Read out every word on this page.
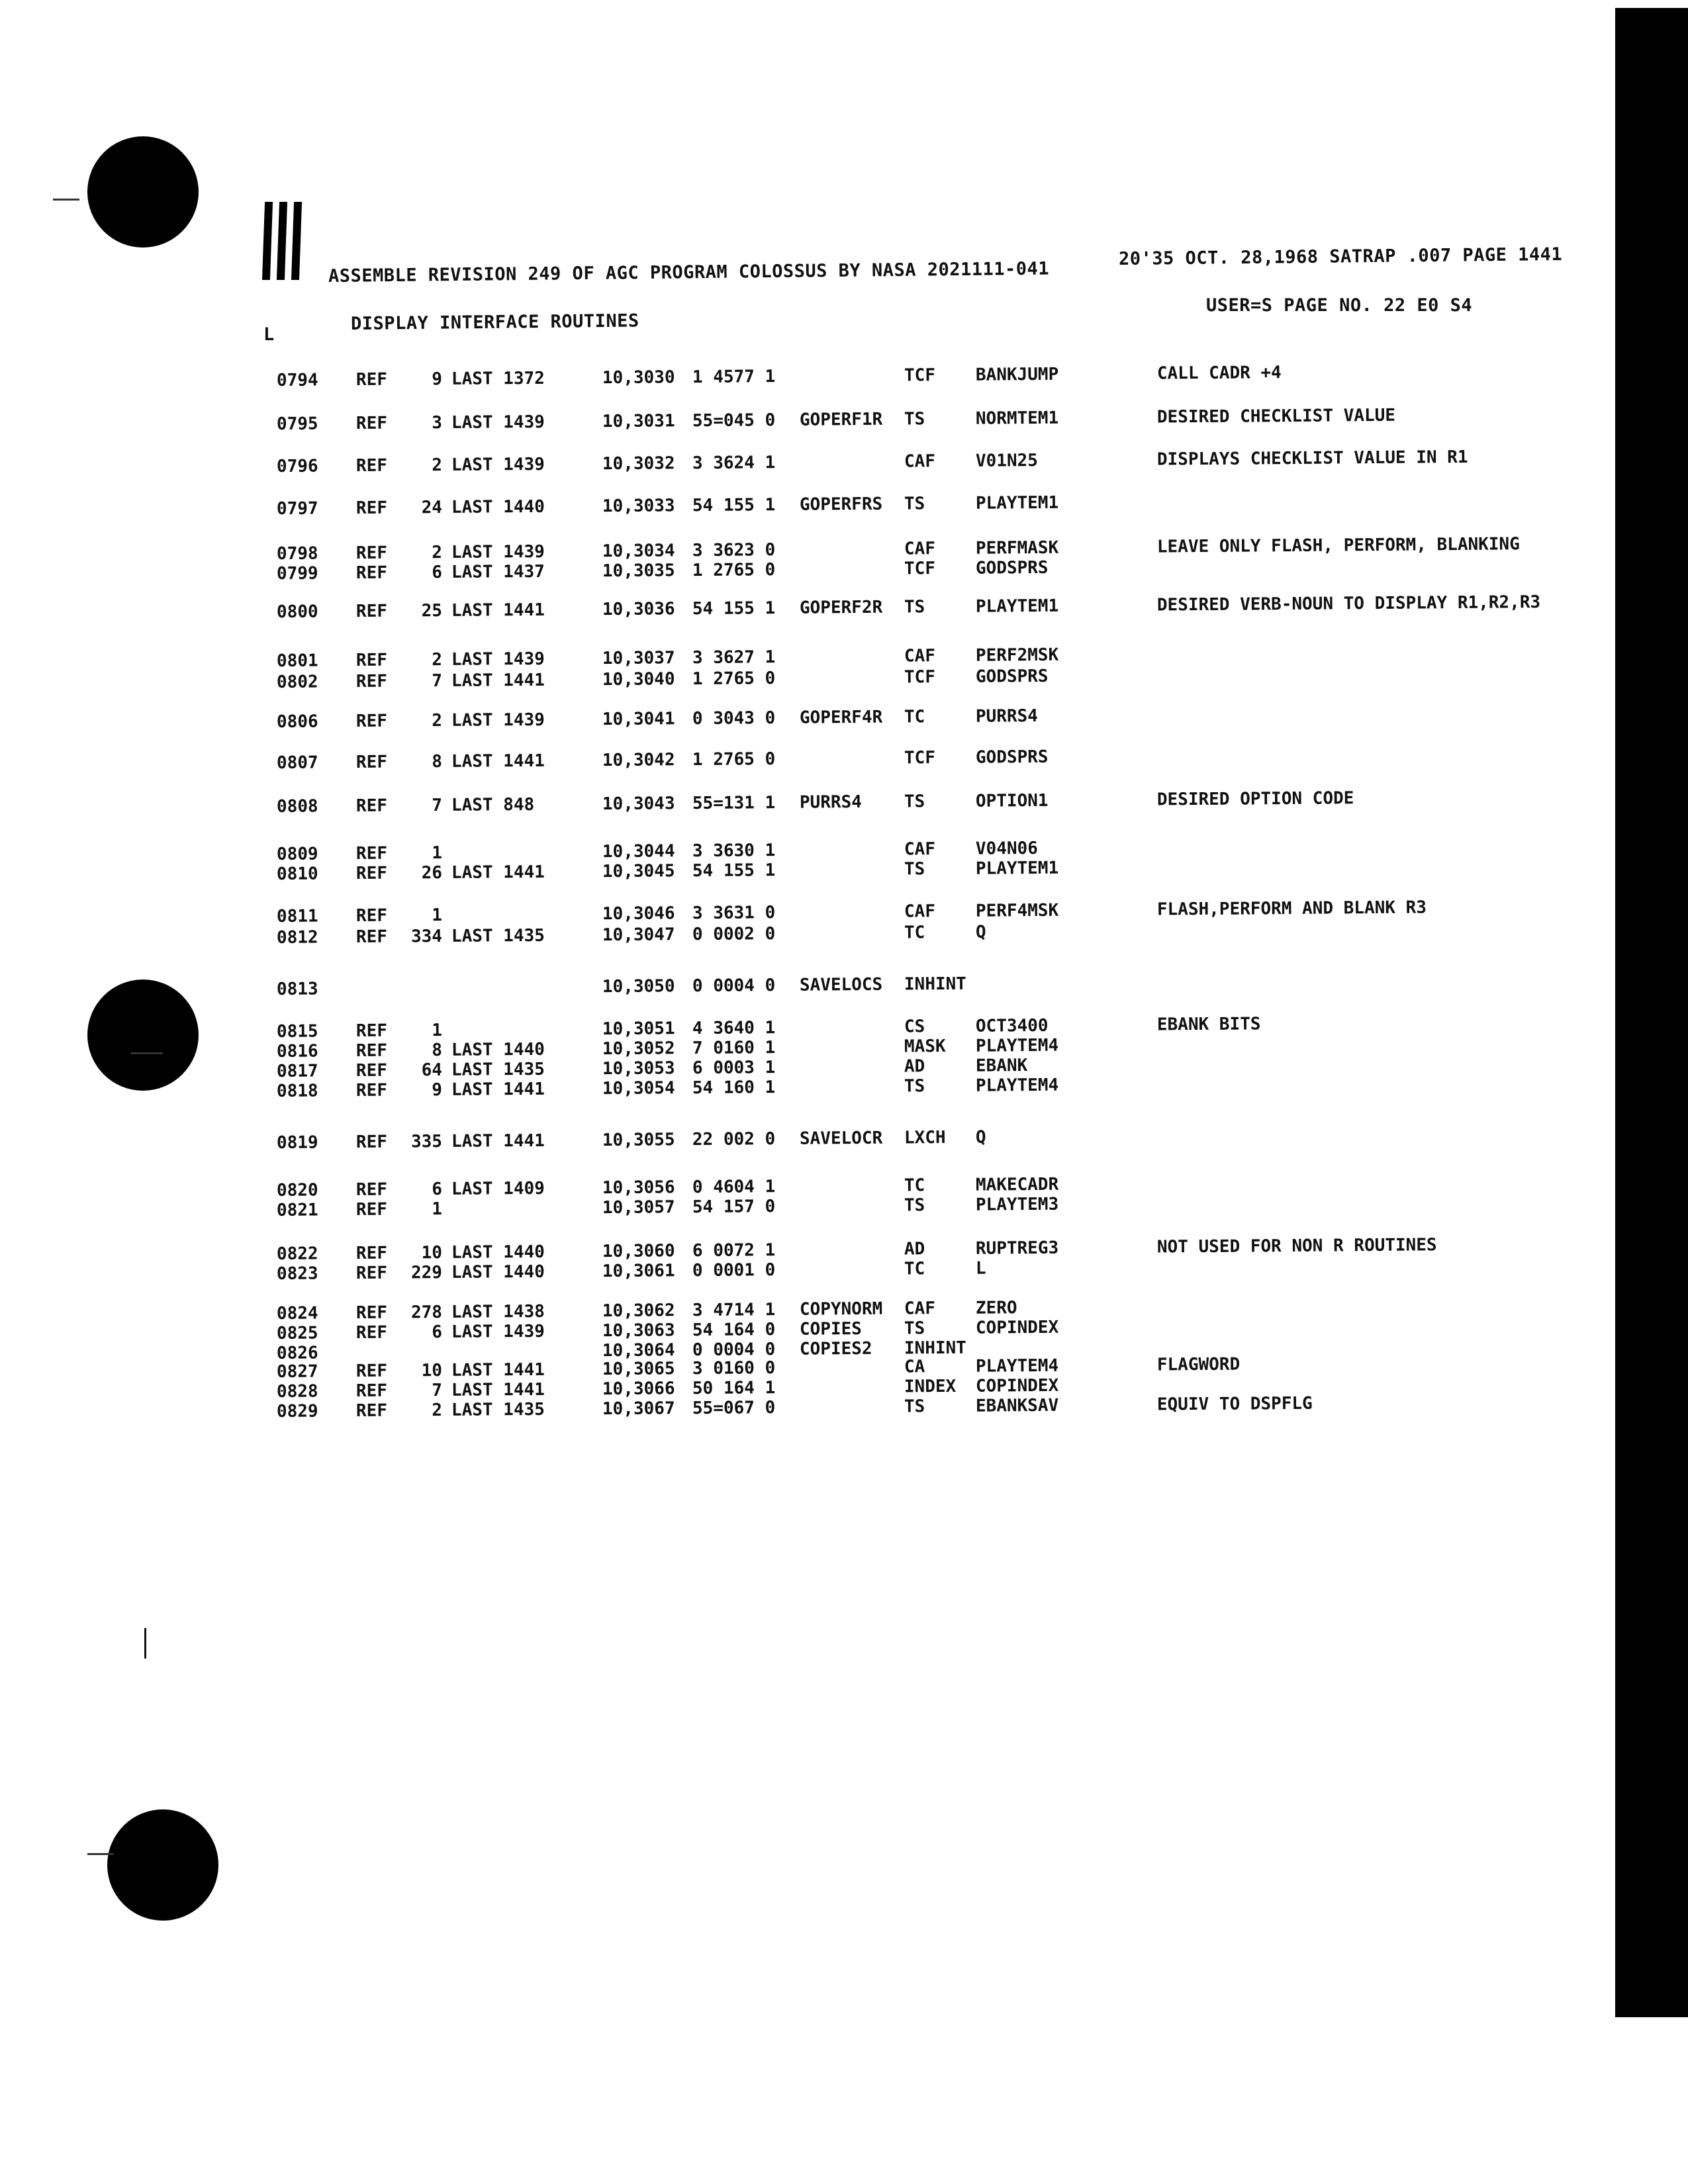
ASSEMBLE REVISION 249 OF AGC PROGRAM COLOSSUS BY NASA 2021111-041
20'35 OCT. 28,1968 SATRAP .007 PAGE 1441
USER=S PAGE NO. 22 E0 S4
L
DISPLAY INTERFACE ROUTINES
0794 REF	9 LAST 1372	10,3030 1 4577 1	TCF BANKJUMP	CALL CADR +4
0795 REF	3 LAST 1439	10,3031 55=045 0 GOPERF1R TS	NORMTEM1	DESIRED CHECKLIST VALUE
0796 REF	2 LAST 1439	10,3032 3 3624 1	CAF V01N25	DISPLAYS CHECKLIST VALUE IN R1
0797 REF	24 LAST 1440	10,3033 54 155 1 GOPERFRS TS	PLAYTEM1
0798 REF	2 LAST 1439	10,3034 3 3623 0	CAF PERFMASK	LEAVE ONLY FLASH, PERFORM, BLANKING
0799 REF	6 LAST 1437	10,3035 1 2765 0	TCF GODSPRS
0800 REF	25 LAST 1441	10,3036 54 155 1 GOPERF2R TS	PLAYTEM1	DESIRED VERB-NOUN TO DISPLAY R1,R2,R3
0801 REF	2 LAST 1439	10,3037 3 3627 1	CAF PERF2MSK
0802 REF	7 LAST 1441	10,3040 1 2765 0	TCF GODSPRS
0806 REF	2 LAST 1439	10,3041 0 3043 0 GOPERF4R TC	PURRS4
0807 REF	8 LAST 1441	10,3042 1 2765 0	TCF GODSPRS
0808 REF	7 LAST 848	10,3043 55=131 1 PURRS4 TS	OPTION1	DESIRED OPTION CODE
0809 REF	1	10,3044 3 3630 1	CAF V04N06
0810 REF	26 LAST 1441	10,3045 54 155 1	TS	PLAYTEM1
0811 REF	1	10,3046 3 3631 0	CAF PERF4MSK	FLASH,PERFORM AND BLANK R3
0812 REF	334 LAST 1435	10,3047 0 0002 0	TC	Q
0813	10,3050 0 0004 0 SAVELOCS INHINT
0815 REF	1	10,3051 4 3640 1	CS	OCT3400	EBANK BITS
0816 REF	8 LAST 1440	10,3052 7 0160 1	MASK PLAYTEM4
0817 REF	64 LAST 1435	10,3053 6 0003 1	AD	EBANK
0818 REF	9 LAST 1441	10,3054 54 160 1	TS	PLAYTEM4
0819 REF	335 LAST 1441	10,3055 22 002 0 SAVELOCR LXCH Q
0820 REF	6 LAST 1409	10,3056 0 4604 1	TC	MAKECADR
0821 REF	1	10,3057 54 157 0	TS	PLAYTEM3
0822 REF	10 LAST 1440	10,3060 6 0072 1	AD	RUPTREG3	NOT USED FOR NON R ROUTINES
0823 REF	229 LAST 1440	10,3061 0 0001 0	TC	L
0824 REF	278 LAST 1438	10,3062 3 4714 1 COPYNORM CAF ZERO
0825 REF	6 LAST 1439	10,3063 54 164 0 COPIES TS	COPINDEX
0826	10,3064 0 0004 0 COPIES2 INHINT
0827 REF	10 LAST 1441	10,3065 3 0160 0	CA	PLAYTEM4	FLAGWORD
0828 REF	7 LAST 1441	10,3066 50 164 1	INDEX COPINDEX
0829 REF	2 LAST 1435	10,3067 55=067 0	TS	EBANKSAV	EQUIV TO DSPFLG
